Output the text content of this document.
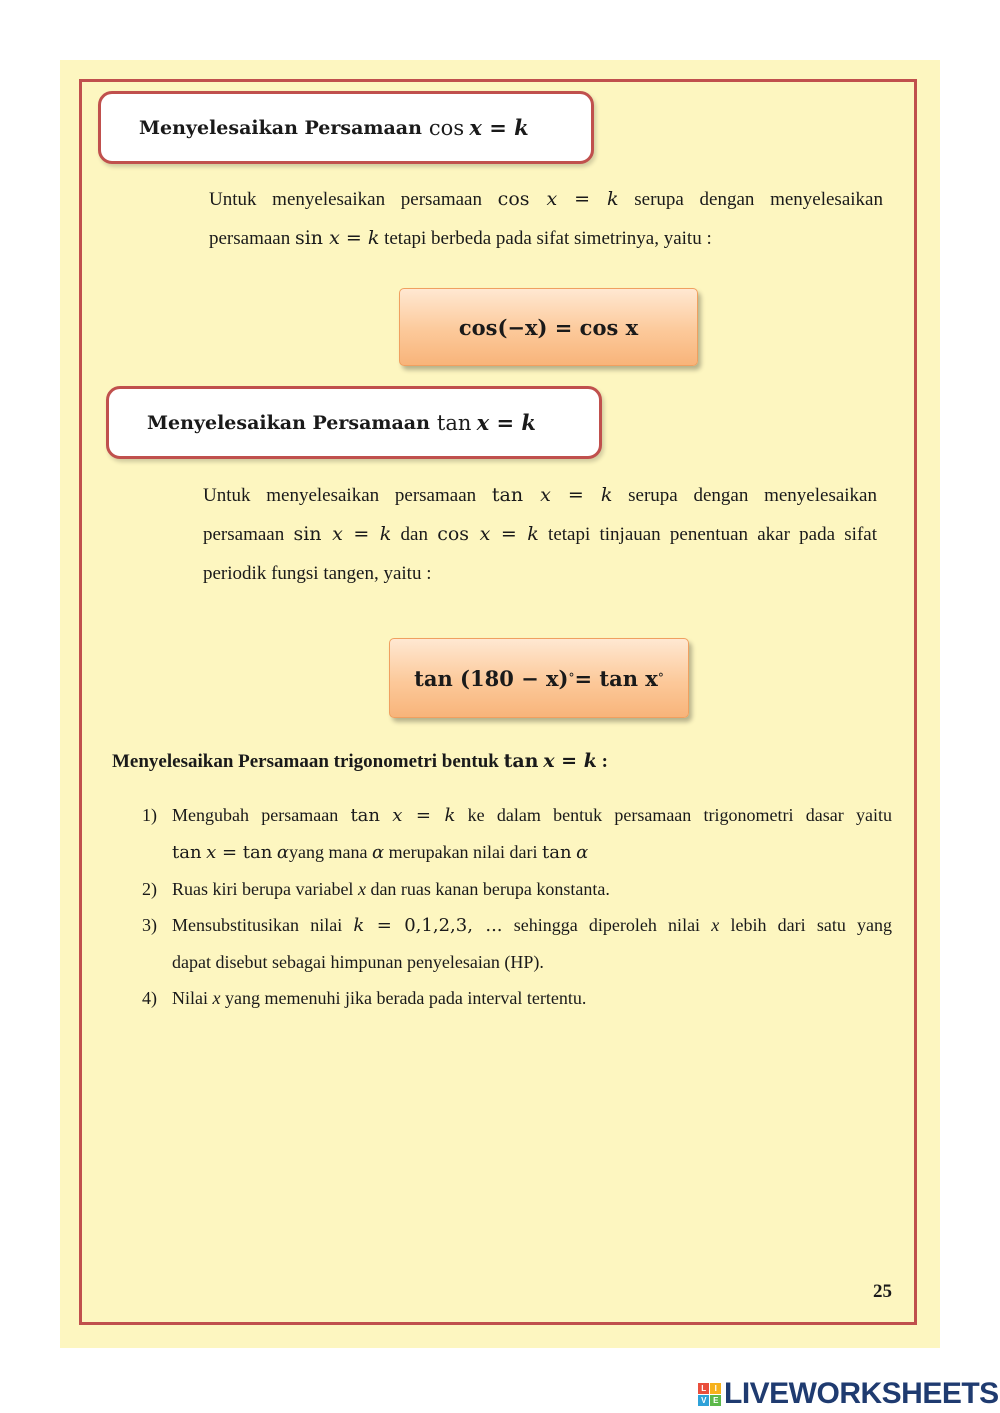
Menyelesaikan Persamaan cos
x = k
Untuk menyelesaikan persamaan cos x = k serupa dengan menyelesaikan
persamaan sin x = k tetapi berbeda pada sifat simetrinya, yaitu :
cos(−x) = cos x
Menyelesaikan Persamaan tan
x = k
Untuk menyelesaikan persamaan tan x = k serupa dengan menyelesaikan
persamaan sin x = k dan cos x = k tetapi tinjauan penentuan akar pada sifat
periodik fungsi tangen, yaitu :
tan (180 − x) ° = tan x °
Menyelesaikan Persamaan trigonometri bentuk tan x = k :
1) Mengubah persamaan tan x = k ke dalam bentuk persamaan trigonometri dasar yaitu
tan x = tan αyang mana α merupakan nilai dari tan α
2) Ruas kiri berupa variabel x dan ruas kanan berupa konstanta.
3) Mensubstitusikan nilai k = 0,1,2,3, ... sehingga diperoleh nilai x lebih dari satu yang
dapat disebut sebagai himpunan penyelesaian (HP).
4) Nilai x yang memenuhi jika berada pada interval tertentu.
25
L	I
V E LIVEWORKSHEETS
